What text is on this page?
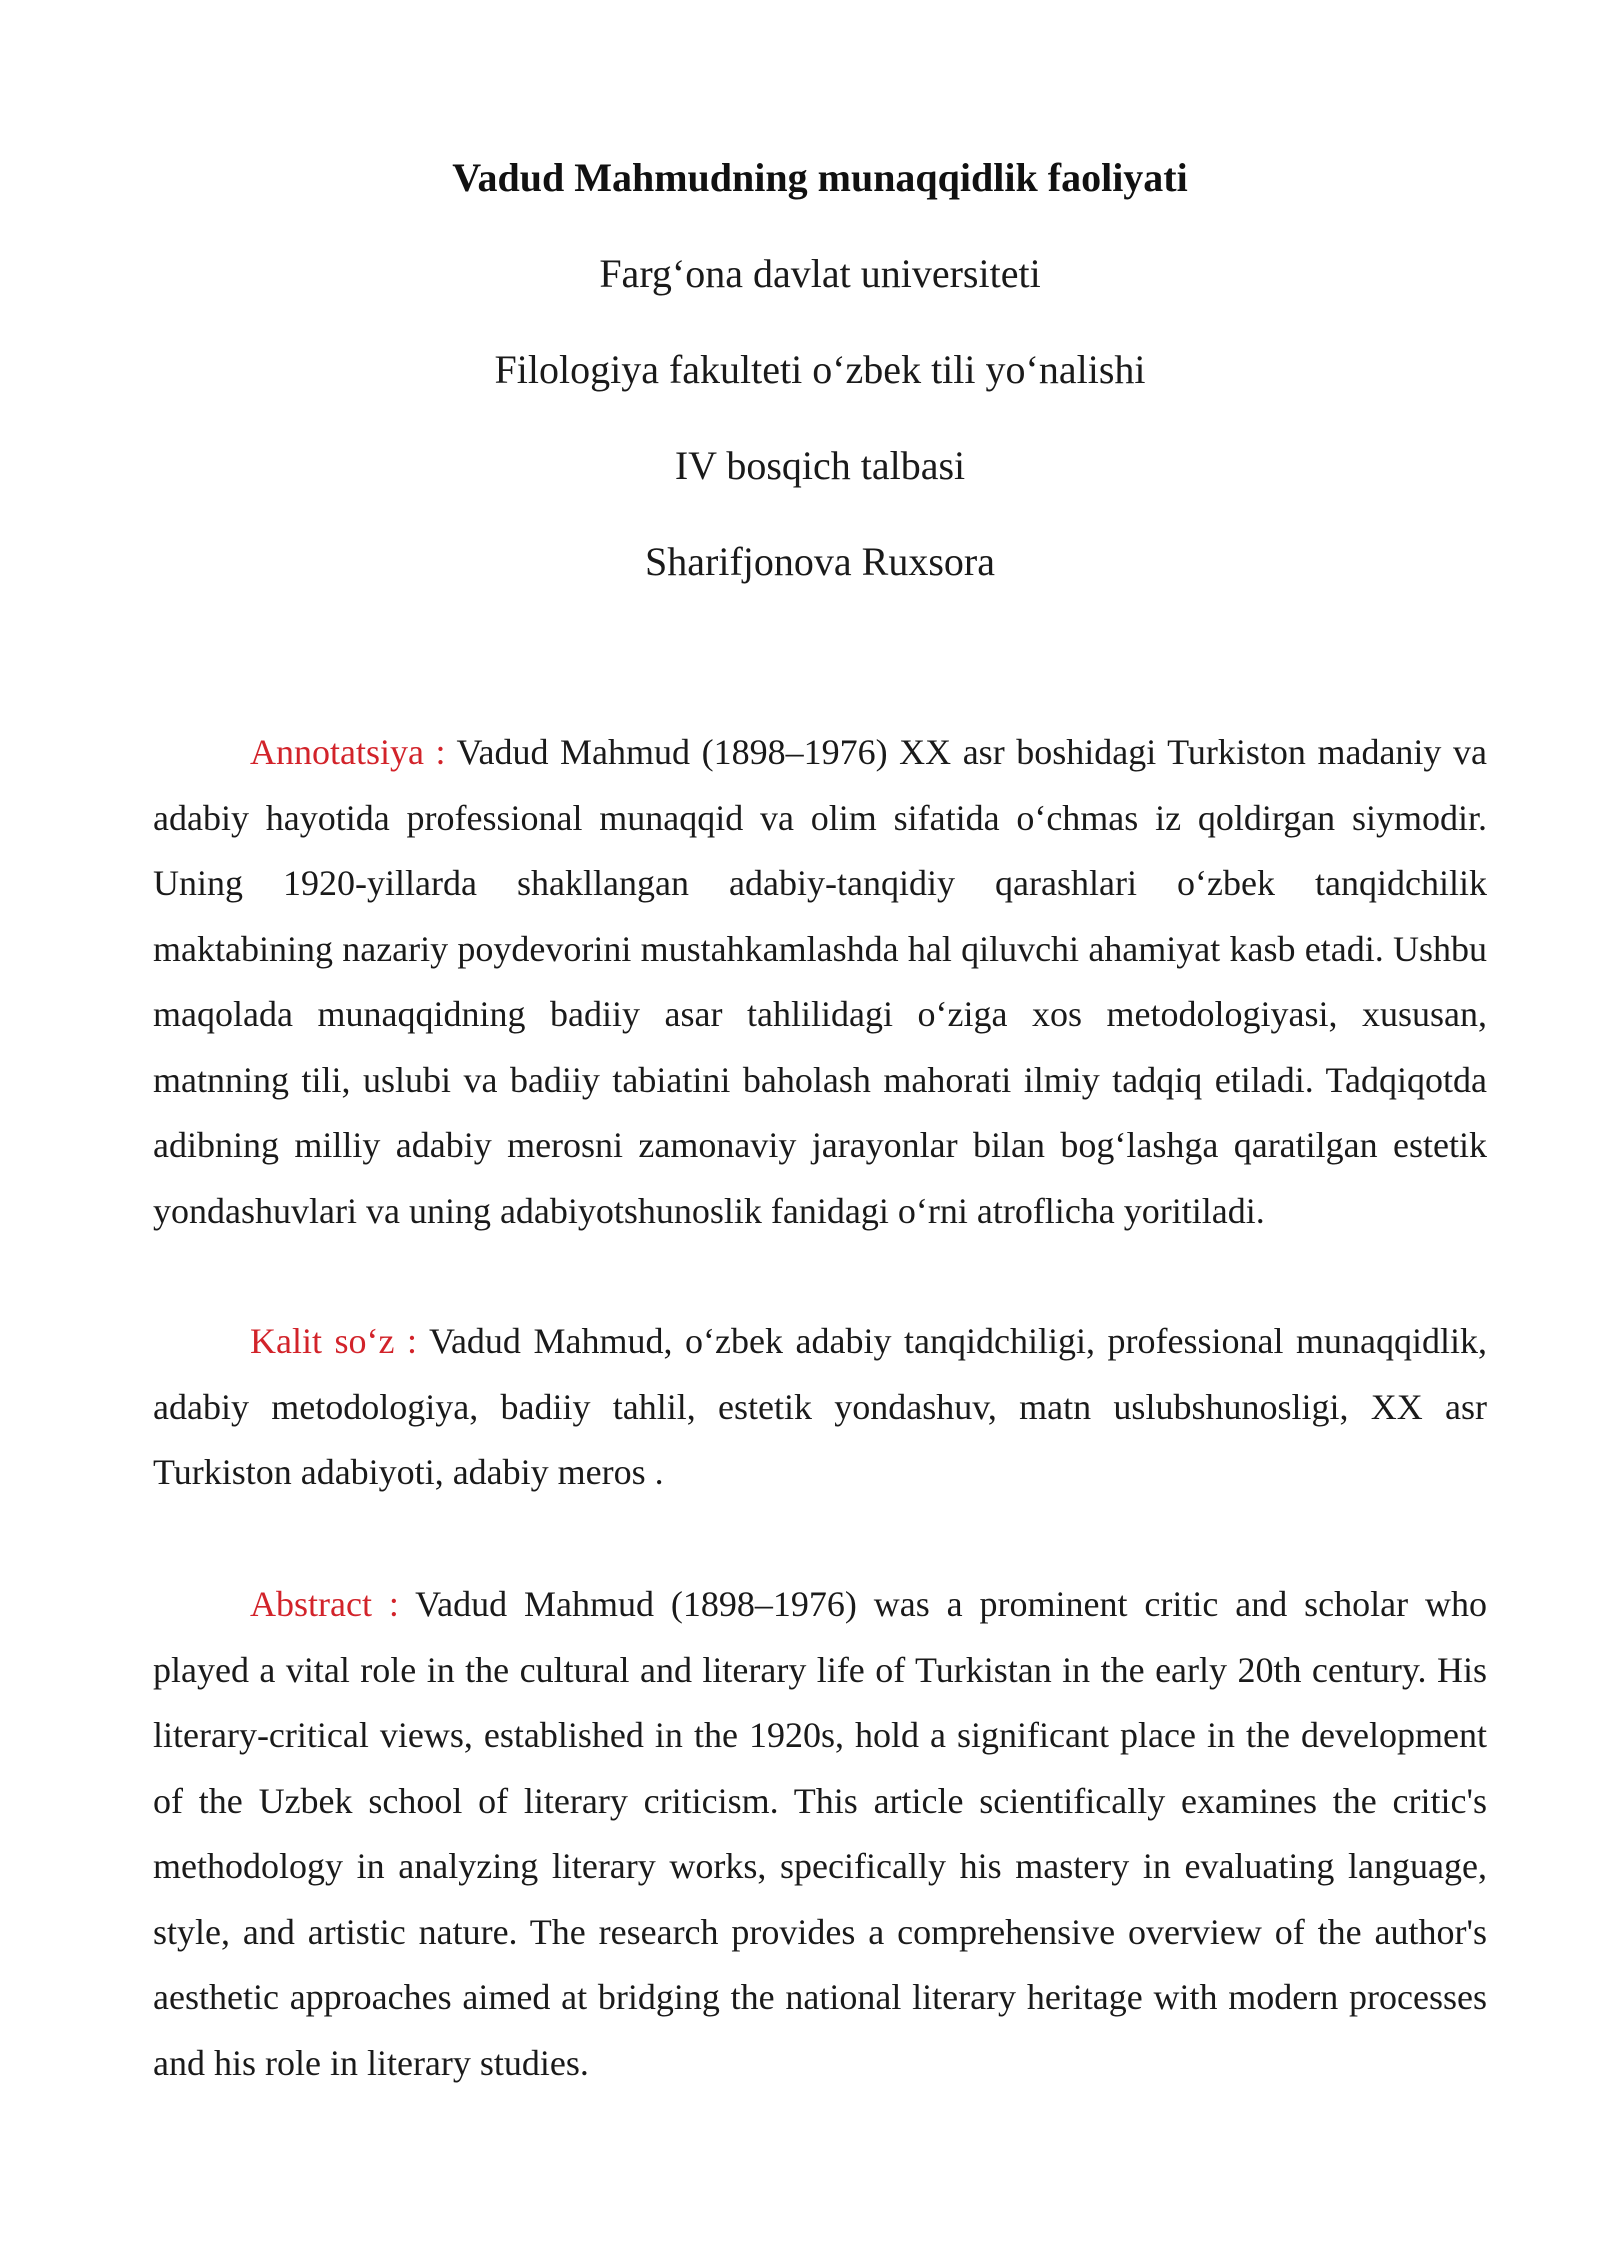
Vadud Mahmudning munaqqidlik faoliyati

Farg‘ona davlat universiteti

Filologiya fakulteti o‘zbek tili yo‘nalishi

IV bosqich talbasi

Sharifjonova Ruxsora

Annotatsiya : Vadud Mahmud (1898–1976) XX asr boshidagi Turkiston madaniy va adabiy hayotida professional munaqqid va olim sifatida o‘chmas iz qoldirgan siymodir. Uning 1920-yillarda shakllangan adabiy-tanqidiy qarashlari o‘zbek tanqidchilik maktabining nazariy poydevorini mustahkamlashda hal qiluvchi ahamiyat kasb etadi. Ushbu maqolada munaqqidning badiiy asar tahlilidagi o‘ziga xos metodologiyasi, xususan, matnning tili, uslubi va badiiy tabiatini baholash mahorati ilmiy tadqiq etiladi. Tadqiqotda adibning milliy adabiy merosni zamonaviy jarayonlar bilan bog‘lashga qaratilgan estetik yondashuvlari va uning adabiyotshunoslik fanidagi o‘rni atroflicha yoritiladi.

Kalit so‘z : Vadud Mahmud, o‘zbek adabiy tanqidchiligi, professional munaqqidlik, adabiy metodologiya, badiiy tahlil, estetik yondashuv, matn uslubshunosligi, XX asr Turkiston adabiyoti, adabiy meros .

Abstract : Vadud Mahmud (1898–1976) was a prominent critic and scholar who played a vital role in the cultural and literary life of Turkistan in the early 20th century. His literary-critical views, established in the 1920s, hold a significant place in the development of the Uzbek school of literary criticism. This article scientifically examines the critic's methodology in analyzing literary works, specifically his mastery in evaluating language, style, and artistic nature. The research provides a comprehensive overview of the author's aesthetic approaches aimed at bridging the national literary heritage with modern processes and his role in literary studies.
